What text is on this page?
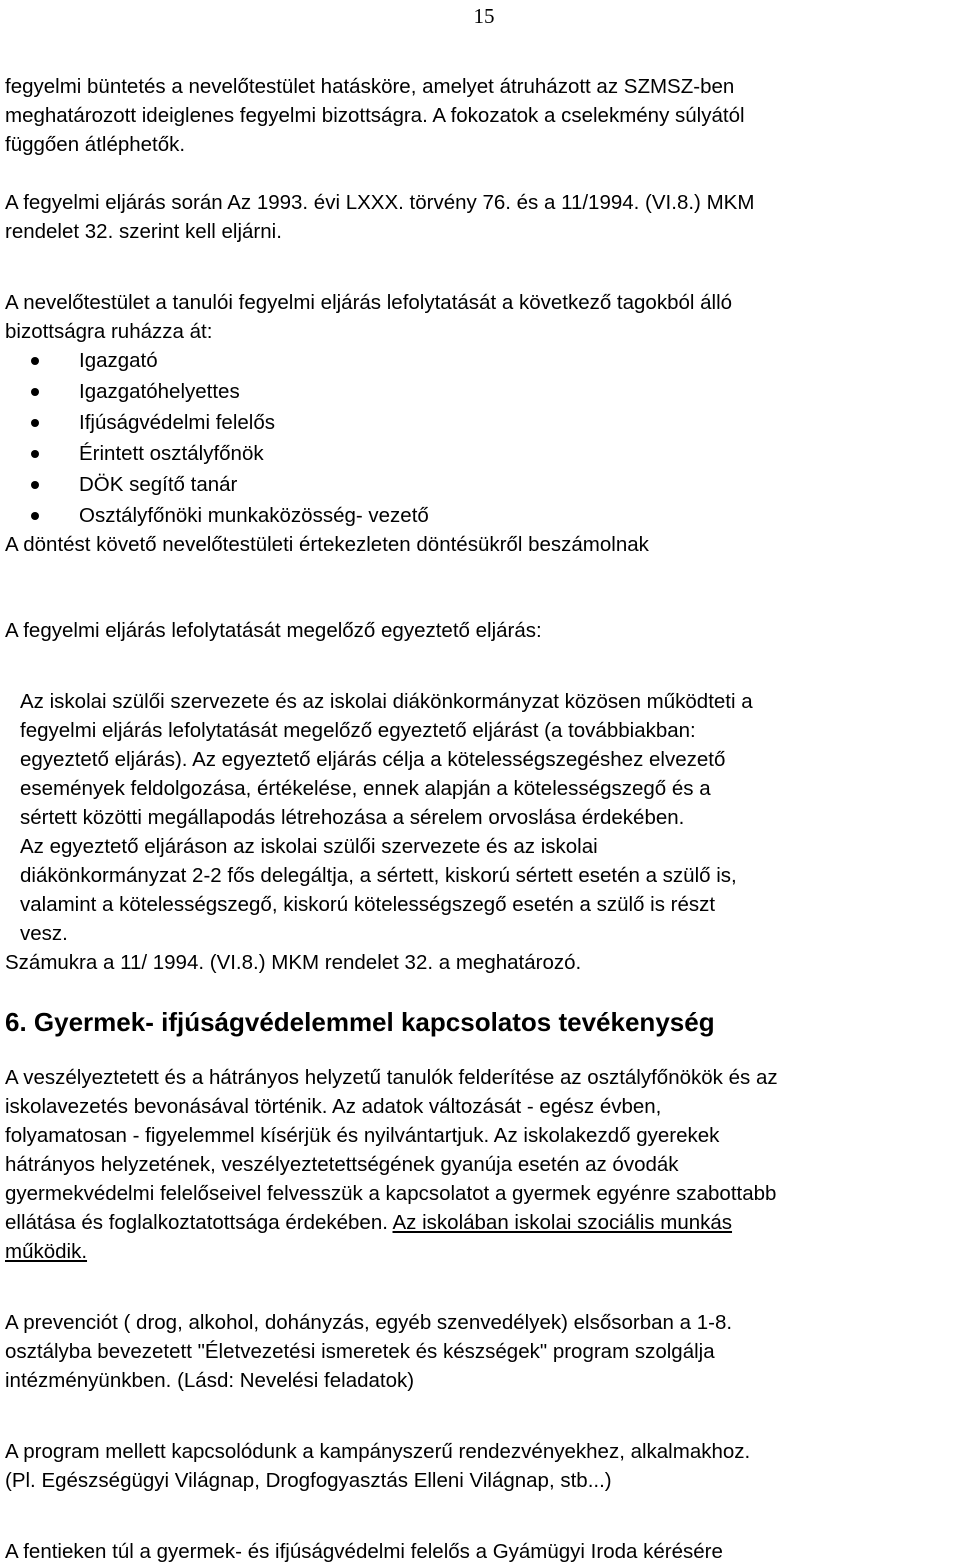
15

fegyelmi büntetés a nevelőtestület hatásköre, amelyet átruházott az SZMSZ-ben
meghatározott ideiglenes fegyelmi bizottságra. A fokozatok a cselekmény súlyától
függően átléphetők.

A fegyelmi eljárás során Az 1993. évi LXXX. törvény 76. és a 11/1994. (VI.8.) MKM
rendelet 32. szerint kell eljárni.

A nevelőtestület a tanulói fegyelmi eljárás lefolytatását a következő tagokból álló
bizottságra ruházza át:

Igazgató
Igazgatóhelyettes
Ifjúságvédelmi felelős
Érintett osztályfőnök
DÖK segítő tanár
Osztályfőnöki munkaközösség- vezető

A döntést követő nevelőtestületi értekezleten döntésükről beszámolnak

A fegyelmi eljárás lefolytatását megelőző egyeztető eljárás:

Az iskolai szülői szervezete és az iskolai diákönkormányzat közösen működteti a
fegyelmi eljárás lefolytatását megelőző egyeztető eljárást (a továbbiakban:
egyeztető eljárás). Az egyeztető eljárás célja a kötelességszegéshez elvezető
események feldolgozása, értékelése, ennek alapján a kötelességszegő és a
sértett közötti megállapodás létrehozása a sérelem orvoslása érdekében.
Az egyeztető eljáráson az iskolai szülői szervezete és az iskolai
diákönkormányzat 2-2 fős delegáltja, a sértett, kiskorú sértett esetén a szülő is,
valamint a kötelességszegő, kiskorú kötelességszegő esetén a szülő is részt
vesz.

Számukra a 11/ 1994. (VI.8.) MKM rendelet 32. a meghatározó.

6. Gyermek- ifjúságvédelemmel kapcsolatos tevékenység

A veszélyeztetett és a hátrányos helyzetű tanulók felderítése az osztályfőnökök és az
iskolavezetés bevonásával történik. Az adatok változását - egész évben,
folyamatosan - figyelemmel kísérjük és nyilvántartjuk. Az iskolakezdő gyerekek
hátrányos helyzetének, veszélyeztetettségének gyanúja esetén az óvodák
gyermekvédelmi felelőseivel felvesszük a kapcsolatot a gyermek egyénre szabottabb
ellátása és foglalkoztatottsága érdekében. Az iskolában iskolai szociális munkás
működik.

A prevenciót ( drog, alkohol, dohányzás, egyéb szenvedélyek) elsősorban a 1-8.
osztályba bevezetett "Életvezetési ismeretek és készségek" program szolgálja
intézményünkben. (Lásd: Nevelési feladatok)

A program mellett kapcsolódunk a kampányszerű rendezvényekhez, alkalmakhoz.
(Pl. Egészségügyi Világnap, Drogfogyasztás Elleni Világnap, stb...)

A fentieken túl a gyermek- és ifjúságvédelmi felelős a Gyámügyi Iroda kérésére
